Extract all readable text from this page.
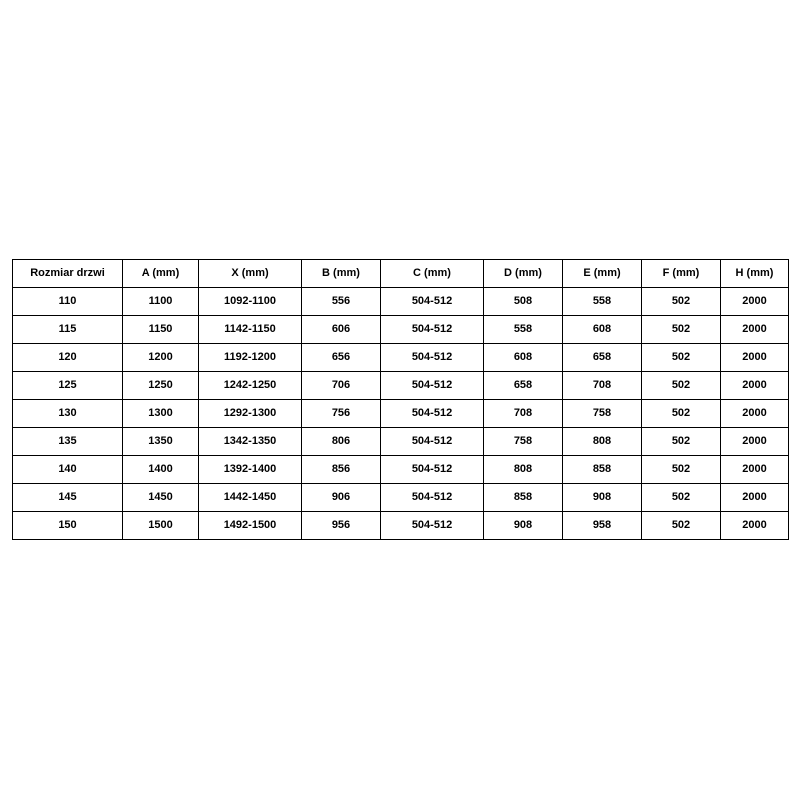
Rozmiar drzwi	A (mm)	X (mm)	B (mm)	C (mm)	D (mm)	E (mm)	F (mm)	H (mm)
110	1100	1092-1100	556	504-512	508	558	502	2000
115	1150	1142-1150	606	504-512	558	608	502	2000
120	1200	1192-1200	656	504-512	608	658	502	2000
125	1250	1242-1250	706	504-512	658	708	502	2000
130	1300	1292-1300	756	504-512	708	758	502	2000
135	1350	1342-1350	806	504-512	758	808	502	2000
140	1400	1392-1400	856	504-512	808	858	502	2000
145	1450	1442-1450	906	504-512	858	908	502	2000
150	1500	1492-1500	956	504-512	908	958	502	2000
